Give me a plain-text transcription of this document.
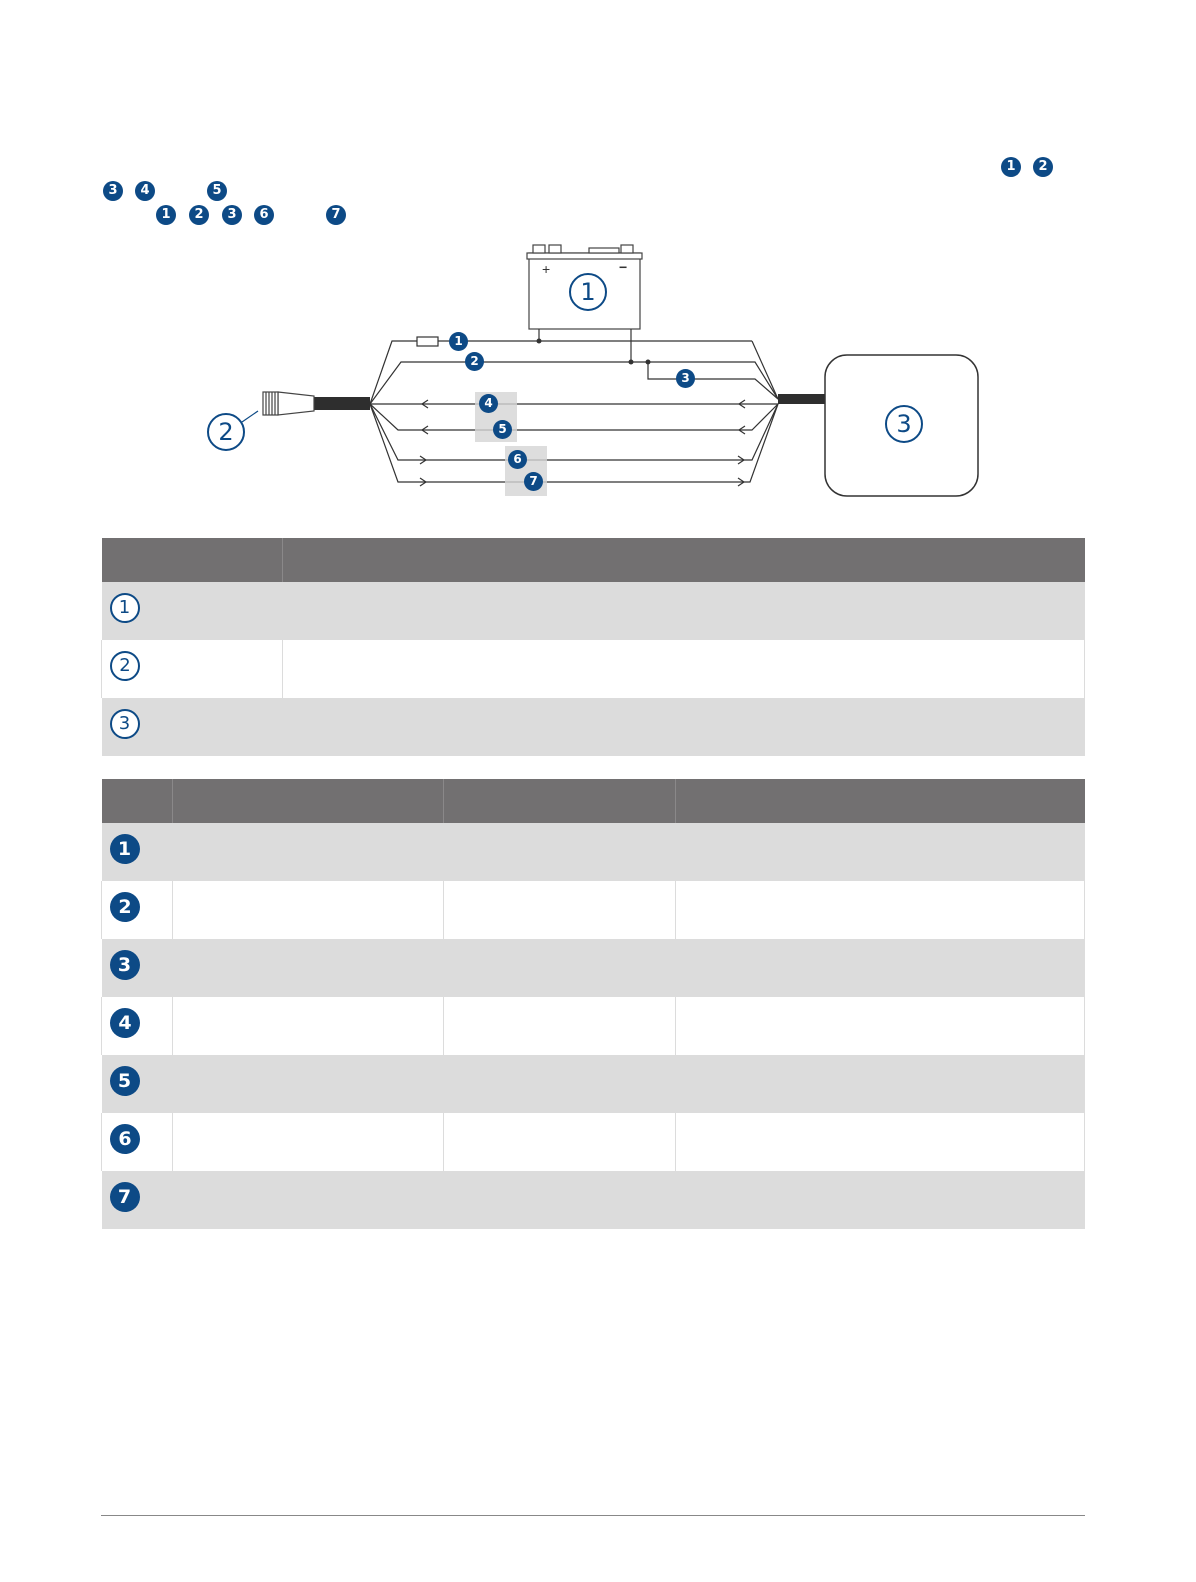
1	2
3	4	5
1	2	3	6	7
+	−
1
2	3
1
2
3
4
5
6
7

1	

2	

3	

1			

2			

3			

4			

5			

6			

7			
